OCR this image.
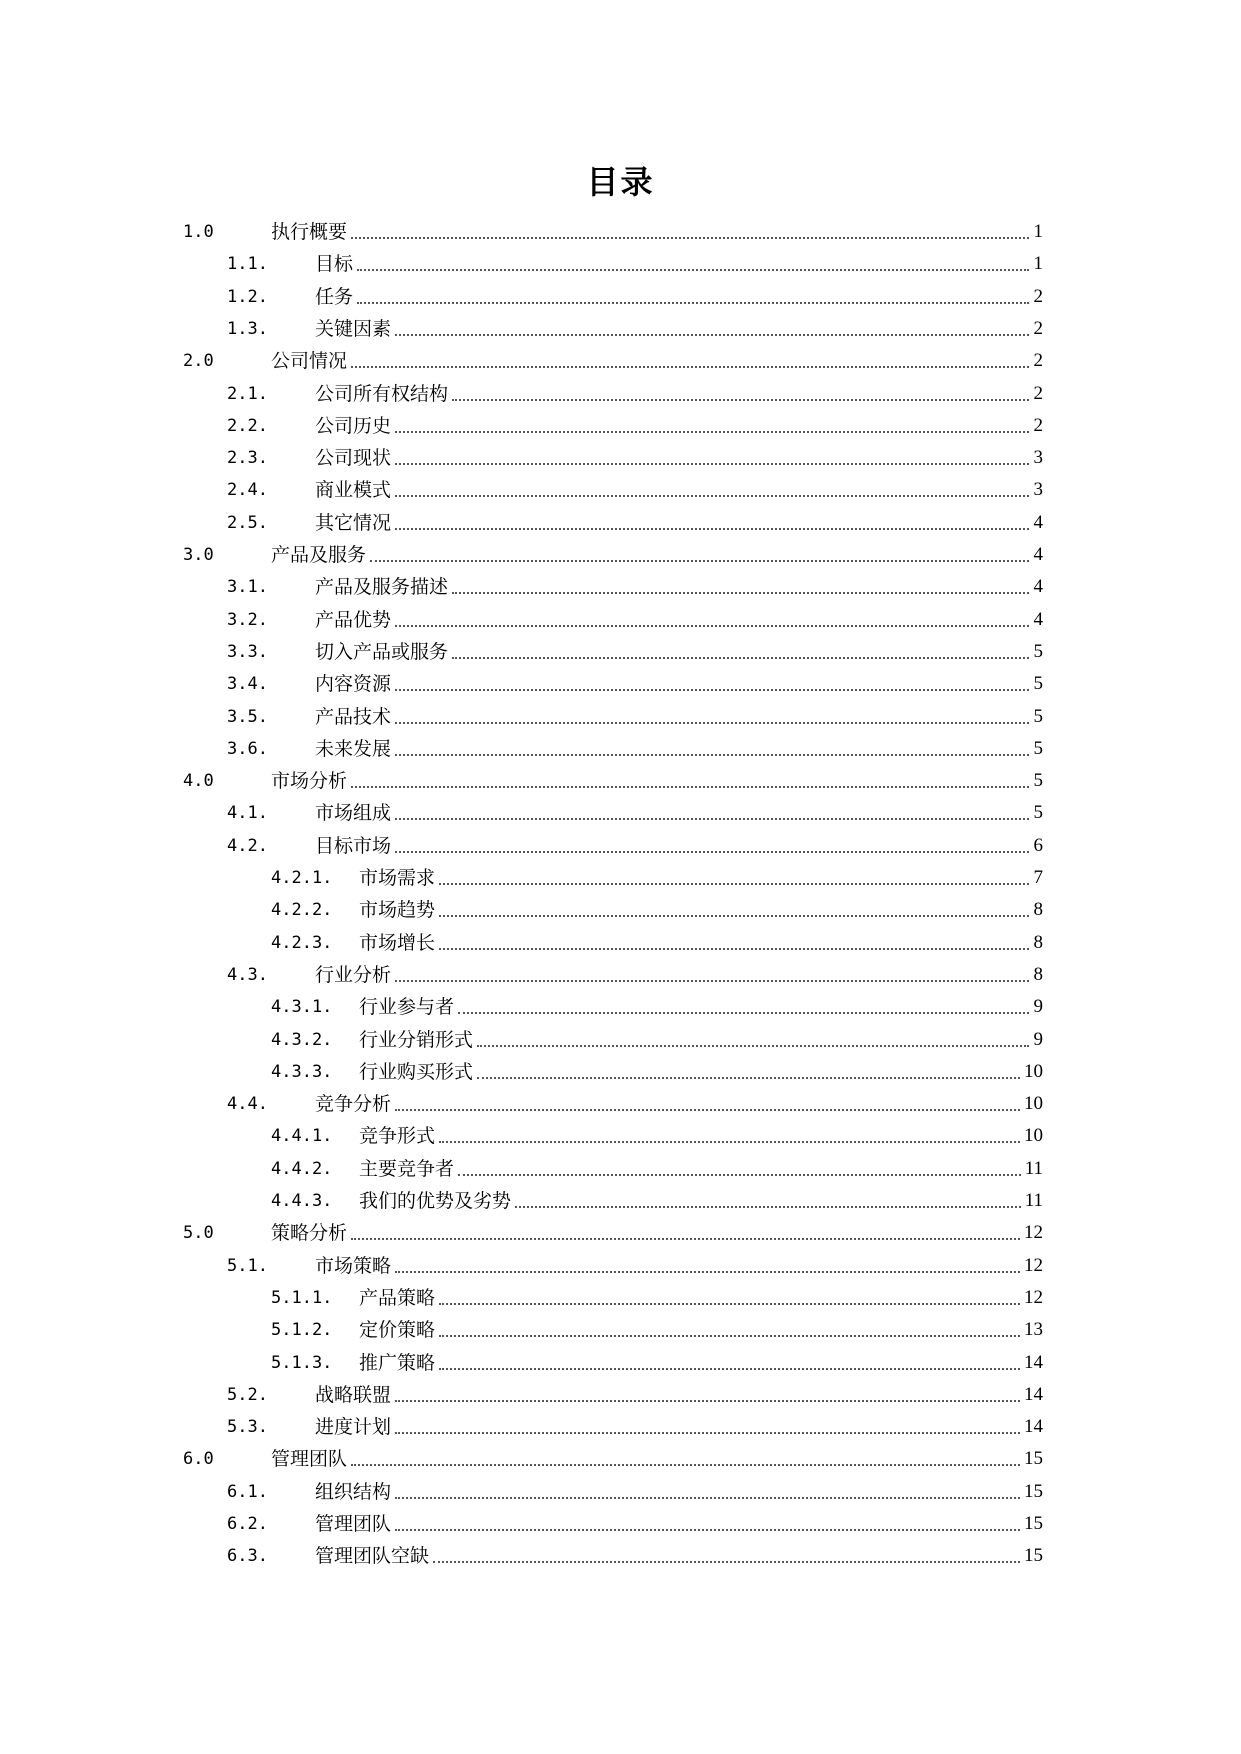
目录
1.0	执行概要	1
1.1. 目标	1
1.2. 任务	2
1.3. 关键因素	2
2.0	公司情况	2
2.1. 公司所有权结构	2
2.2. 公司历史	2
2.3. 公司现状	3
2.4. 商业模式	3
2.5. 其它情况	4
3.0	产品及服务	4
3.1. 产品及服务描述	4
3.2. 产品优势	4
3.3. 切入产品或服务	5
3.4. 内容资源	5
3.5. 产品技术	5
3.6. 未来发展	5
4.0	市场分析	5
4.1. 市场组成	5
4.2. 目标市场	6
4.2.1. 市场需求	7
4.2.2. 市场趋势	8
4.2.3. 市场增长	8
4.3. 行业分析	8
4.3.1. 行业参与者	9
4.3.2. 行业分销形式	9
4.3.3. 行业购买形式	10
4.4. 竞争分析	10
4.4.1. 竞争形式	10
4.4.2. 主要竞争者	11
4.4.3. 我们的优势及劣势	11
5.0	策略分析	12
5.1. 市场策略	12
5.1.1. 产品策略	12
5.1.2. 定价策略	13
5.1.3. 推广策略	14
5.2. 战略联盟	14
5.3. 进度计划	14
6.0	管理团队	15
6.1. 组织结构	15
6.2. 管理团队	15
6.3. 管理团队空缺	15
